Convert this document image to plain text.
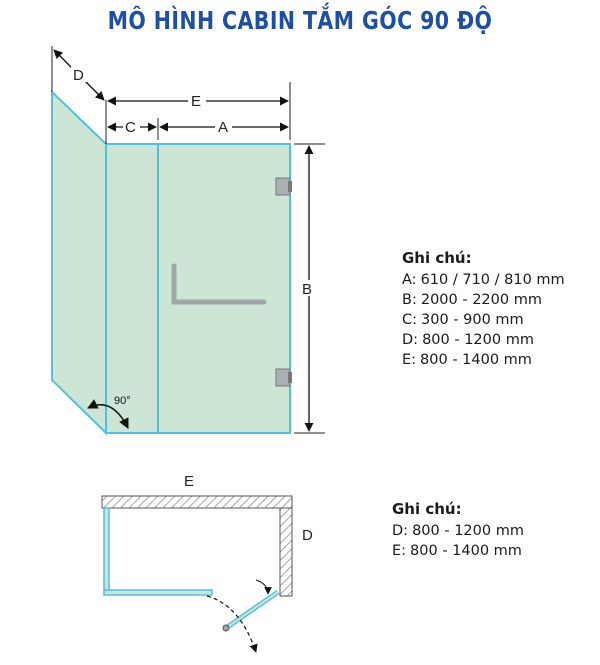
MÔ HÌNH CABIN TẮM GÓC 90 ĐỘ
D
E
C	A
B
90°
E
D
Ghi chú:
A: 610 / 710 / 810 mm
B: 2000 - 2200 mm
C: 300 - 900 mm
D: 800 - 1200 mm
E: 800 - 1400 mm
Ghi chú:
D: 800 - 1200 mm
E: 800 - 1400 mm
